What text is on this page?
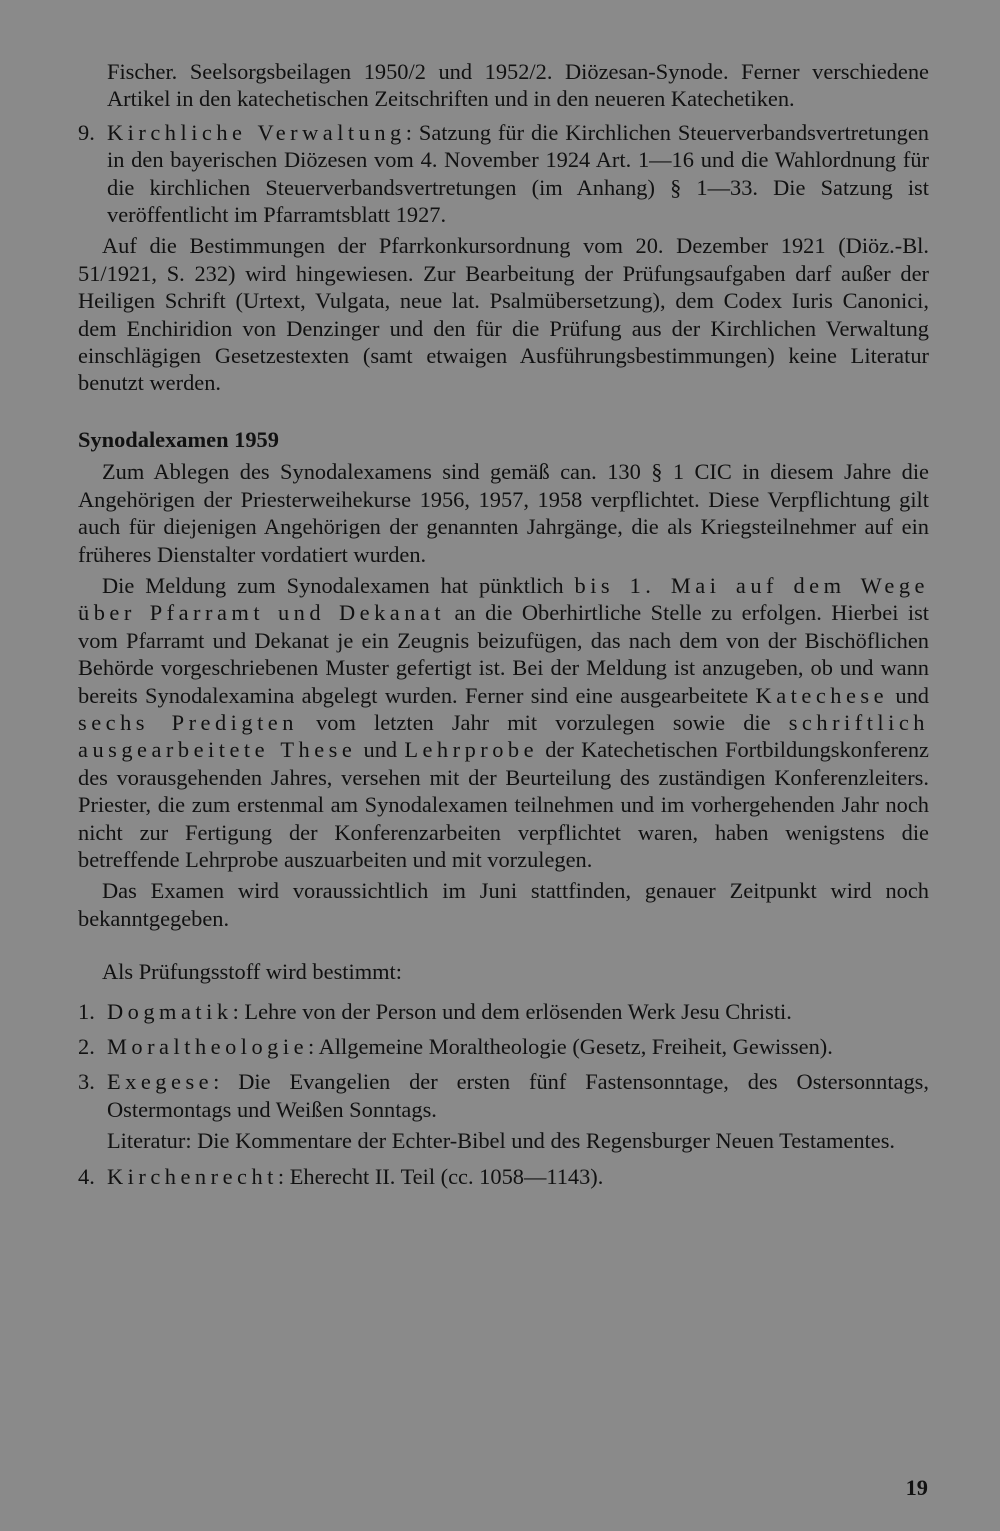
Fischer. Seelsorgsbeilagen 1950/2 und 1952/2. Diözesan-Synode. Ferner verschiedene Artikel in den katechetischen Zeitschriften und in den neueren Katechetiken.

9. Kirchliche Verwaltung: Satzung für die Kirchlichen Steuerverbandsvertretungen in den bayerischen Diözesen vom 4. November 1924 Art. 1—16 und die Wahlordnung für die kirchlichen Steuerverbandsvertretungen (im Anhang) § 1—33. Die Satzung ist veröffentlicht im Pfarramtsblatt 1927.

Auf die Bestimmungen der Pfarrkonkursordnung vom 20. Dezember 1921 (Diöz.-Bl. 51/1921, S. 232) wird hingewiesen. Zur Bearbeitung der Prüfungsaufgaben darf außer der Heiligen Schrift (Urtext, Vulgata, neue lat. Psalmübersetzung), dem Codex Iuris Canonici, dem Enchiridion von Denzinger und den für die Prüfung aus der Kirchlichen Verwaltung einschlägigen Gesetzestexten (samt etwaigen Ausführungsbestimmungen) keine Literatur benutzt werden.

Synodalexamen 1959

Zum Ablegen des Synodalexamens sind gemäß can. 130 § 1 CIC in diesem Jahre die Angehörigen der Priesterweihekurse 1956, 1957, 1958 verpflichtet. Diese Verpflichtung gilt auch für diejenigen Angehörigen der genannten Jahrgänge, die als Kriegsteilnehmer auf ein früheres Dienstalter vordatiert wurden.

Die Meldung zum Synodalexamen hat pünktlich bis 1. Mai auf dem Wege über Pfarramt und Dekanat an die Oberhirtliche Stelle zu erfolgen. Hierbei ist vom Pfarramt und Dekanat je ein Zeugnis beizufügen, das nach dem von der Bischöflichen Behörde vorgeschriebenen Muster gefertigt ist. Bei der Meldung ist anzugeben, ob und wann bereits Synodalexamina abgelegt wurden. Ferner sind eine ausgearbeitete Katechese und sechs Predigten vom letzten Jahr mit vorzulegen sowie die schriftlich ausgearbeitete These und Lehrprobe der Katechetischen Fortbildungskonferenz des vorausgehenden Jahres, versehen mit der Beurteilung des zuständigen Konferenzleiters. Priester, die zum erstenmal am Synodalexamen teilnehmen und im vorhergehenden Jahr noch nicht zur Fertigung der Konferenzarbeiten verpflichtet waren, haben wenigstens die betreffende Lehrprobe auszuarbeiten und mit vorzulegen.

Das Examen wird voraussichtlich im Juni stattfinden, genauer Zeitpunkt wird noch bekanntgegeben.

Als Prüfungsstoff wird bestimmt:

1. Dogmatik: Lehre von der Person und dem erlösenden Werk Jesu Christi.

2. Moraltheologie: Allgemeine Moraltheologie (Gesetz, Freiheit, Gewissen).

3. Exegese: Die Evangelien der ersten fünf Fastensonntage, des Ostersonntags, Ostermontags und Weißen Sonntags.

Literatur: Die Kommentare der Echter-Bibel und des Regensburger Neuen Testamentes.

4. Kirchenrecht: Eherecht II. Teil (cc. 1058—1143).

19
